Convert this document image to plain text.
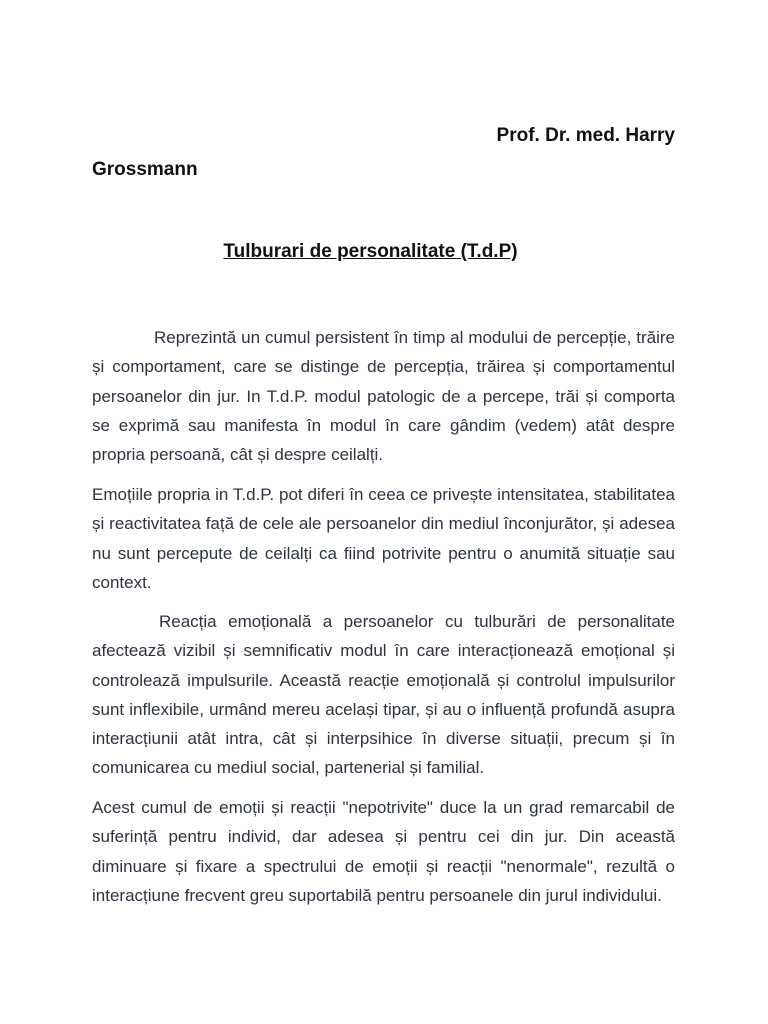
Prof. Dr. med. Harry
Grossmann
Tulburari de personalitate (T.d.P)

Reprezintă un cumul persistent în timp al modului de percepție, trăire și comportament, care se distinge de percepția, trăirea și comportamentul persoanelor din jur. In T.d.P. modul patologic de a percepe, trăi și comporta se exprimă sau manifesta în modul în care gândim (vedem) atât despre propria persoană, cât și despre ceilalți.

Emoțiile propria in T.d.P. pot diferi în ceea ce privește intensitatea, stabilitatea și reactivitatea față de cele ale persoanelor din mediul înconjurător, și adesea nu sunt percepute de ceilalți ca fiind potrivite pentru o anumită situație sau context.

Reacția emoțională a persoanelor cu tulburări de personalitate afectează vizibil și semnificativ modul în care interacționează emoțional și controlează impulsurile. Această reacție emoțională și controlul impulsurilor sunt inflexibile, urmând mereu același tipar, și au o influență profundă asupra interacțiunii atât intra, cât și interpsihice în diverse situații, precum și în comunicarea cu mediul social, partenerial și familial.

Acest cumul de emoții și reacții "nepotrivite" duce la un grad remarcabil de suferință pentru individ, dar adesea și pentru cei din jur. Din această diminuare și fixare a spectrului de emoții și reacții "nenormale", rezultă o interacțiune frecvent greu suportabilă pentru persoanele din jurul individului.
